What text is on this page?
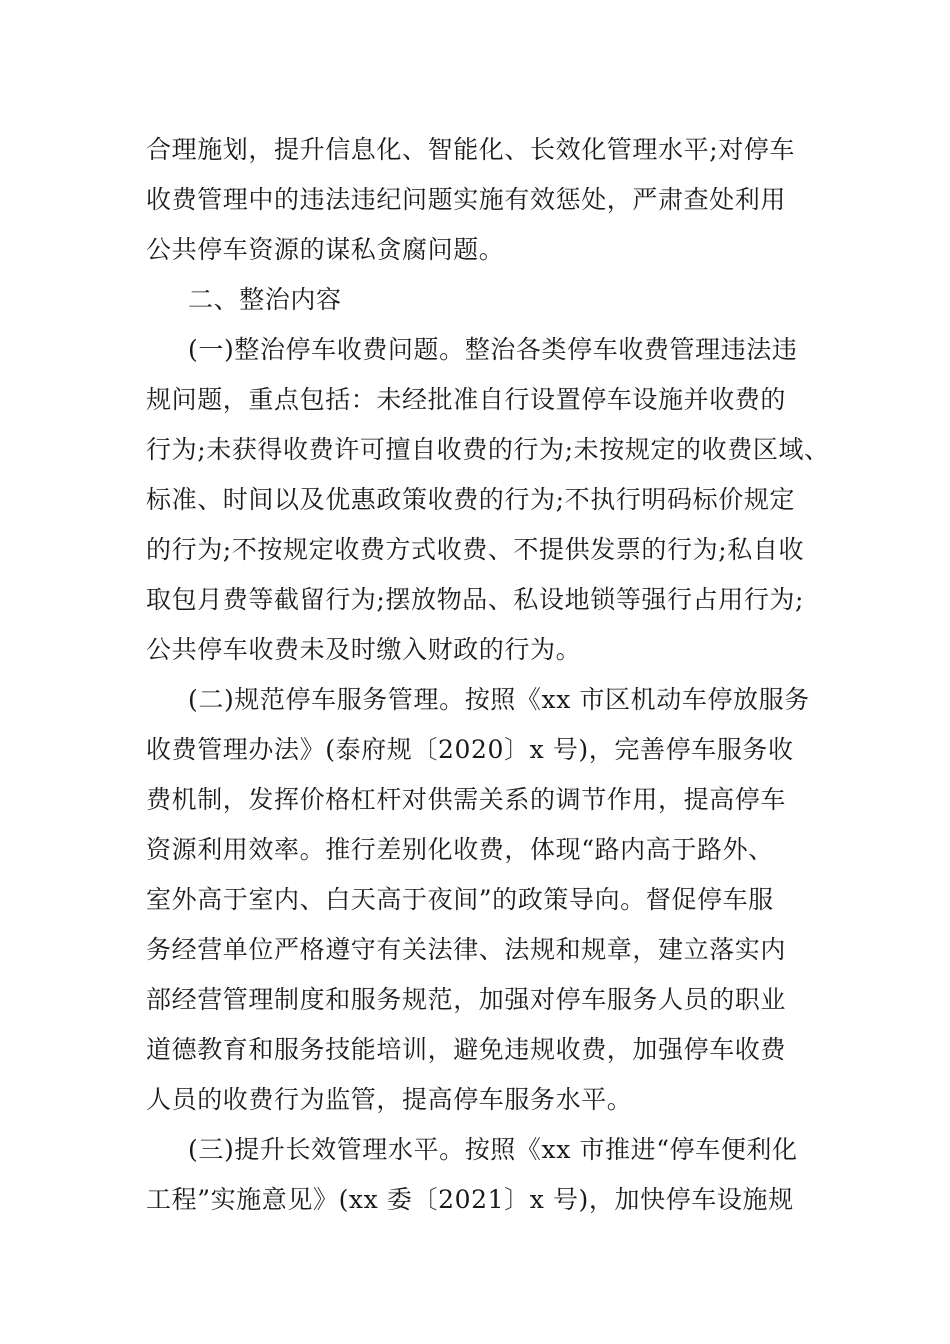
合理施划，提升信息化、智能化、长效化管理水平;对停车
收费管理中的违法违纪问题实施有效惩处，严肃查处利用
公共停车资源的谋私贪腐问题。
二、整治内容
(一)整治停车收费问题。整治各类停车收费管理违法违
规问题，重点包括：未经批准自行设置停车设施并收费的
行为;未获得收费许可擅自收费的行为;未按规定的收费区域、
标准、时间以及优惠政策收费的行为;不执行明码标价规定
的行为;不按规定收费方式收费、不提供发票的行为;私自收
取包月费等截留行为;摆放物品、私设地锁等强行占用行为;
公共停车收费未及时缴入财政的行为。
(二)规范停车服务管理。按照《xx 市区机动车停放服务
收费管理办法》(泰府规〔2020〕x 号)，完善停车服务收
费机制，发挥价格杠杆对供需关系的调节作用，提高停车
资源利用效率。推行差别化收费，体现“路内高于路外、
室外高于室内、白天高于夜间”的政策导向。督促停车服
务经营单位严格遵守有关法律、法规和规章，建立落实内
部经营管理制度和服务规范，加强对停车服务人员的职业
道德教育和服务技能培训，避免违规收费，加强停车收费
人员的收费行为监管，提高停车服务水平。
(三)提升长效管理水平。按照《xx 市推进“停车便利化
工程”实施意见》(xx 委〔2021〕x 号)，加快停车设施规
